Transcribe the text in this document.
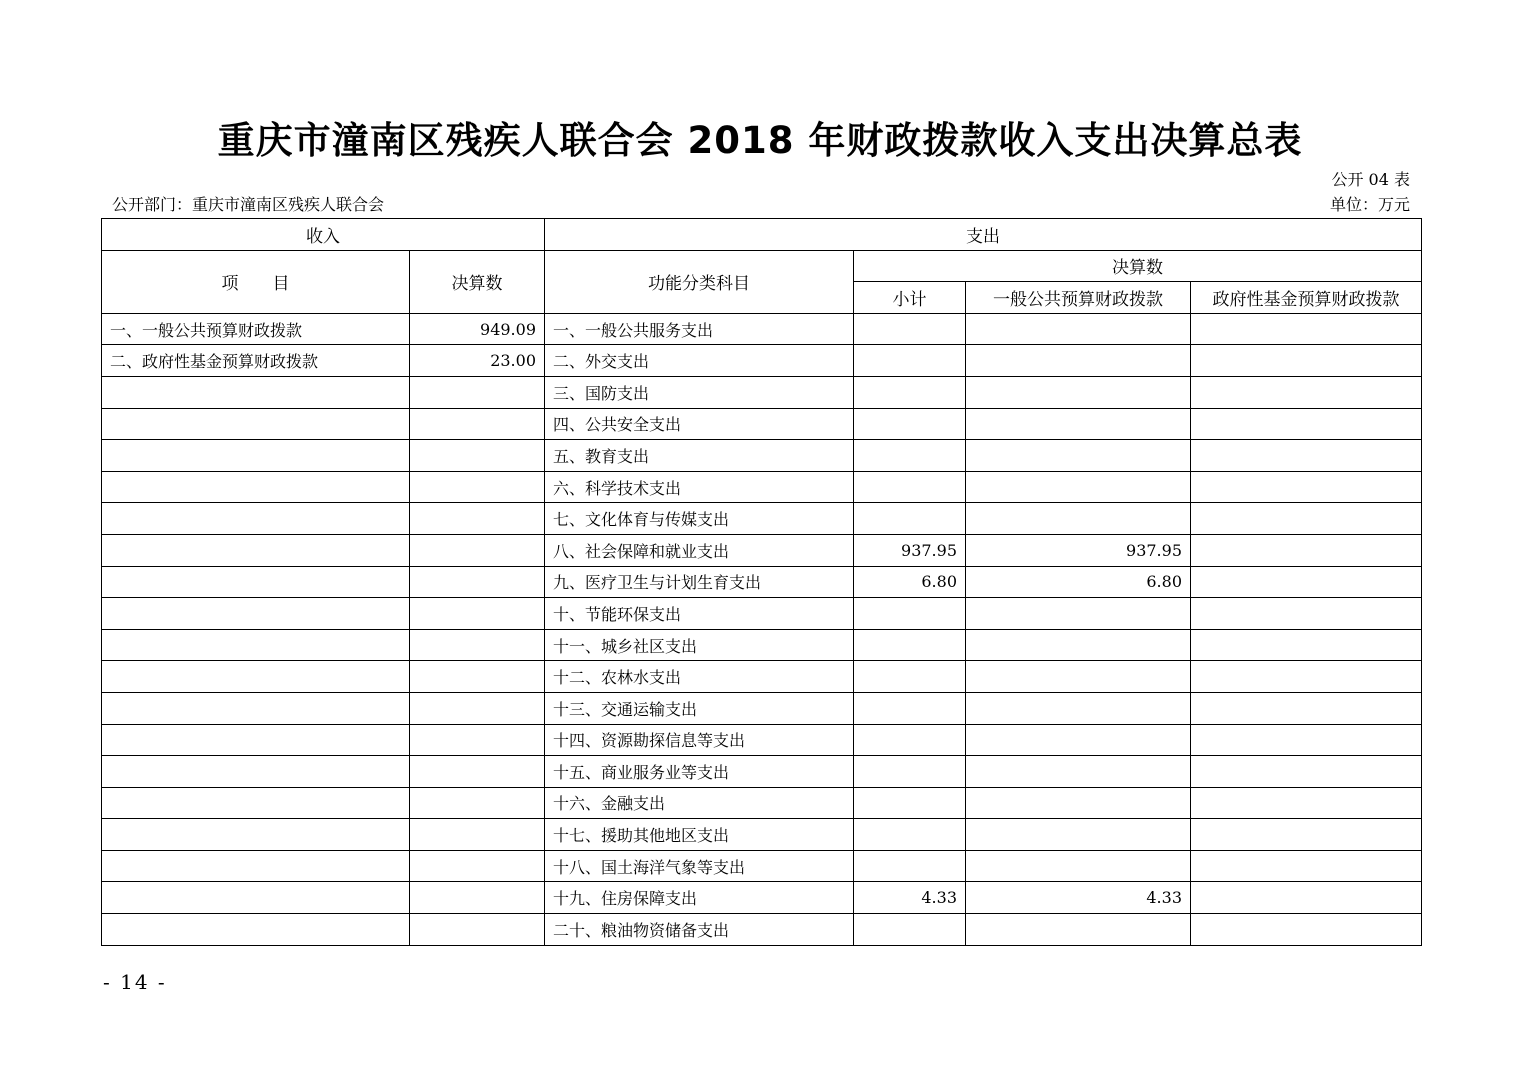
重庆市潼南区残疾人联合会 2018 年财政拨款收入支出决算总表
公开 04 表
公开部门：重庆市潼南区残疾人联合会	单位：万元
收入		支出			
项　　目	决算数	功能分类科目	决算数		
			小计	一般公共预算财政拨款	政府性基金预算财政拨款
一、一般公共预算财政拨款	949.09	一、一般公共服务支出			
二、政府性基金预算财政拨款	23.00	二、外交支出			
		三、国防支出			
		四、公共安全支出			
		五、教育支出			
		六、科学技术支出			
		七、文化体育与传媒支出			
		八、社会保障和就业支出	937.95	937.95	
		九、医疗卫生与计划生育支出	6.80	6.80	
		十、节能环保支出			
		十一、城乡社区支出			
		十二、农林水支出			
		十三、交通运输支出			
		十四、资源勘探信息等支出			
		十五、商业服务业等支出			
		十六、金融支出			
		十七、援助其他地区支出			
		十八、国土海洋气象等支出			
		十九、住房保障支出	4.33	4.33	
		二十、粮油物资储备支出			
- 14 -
